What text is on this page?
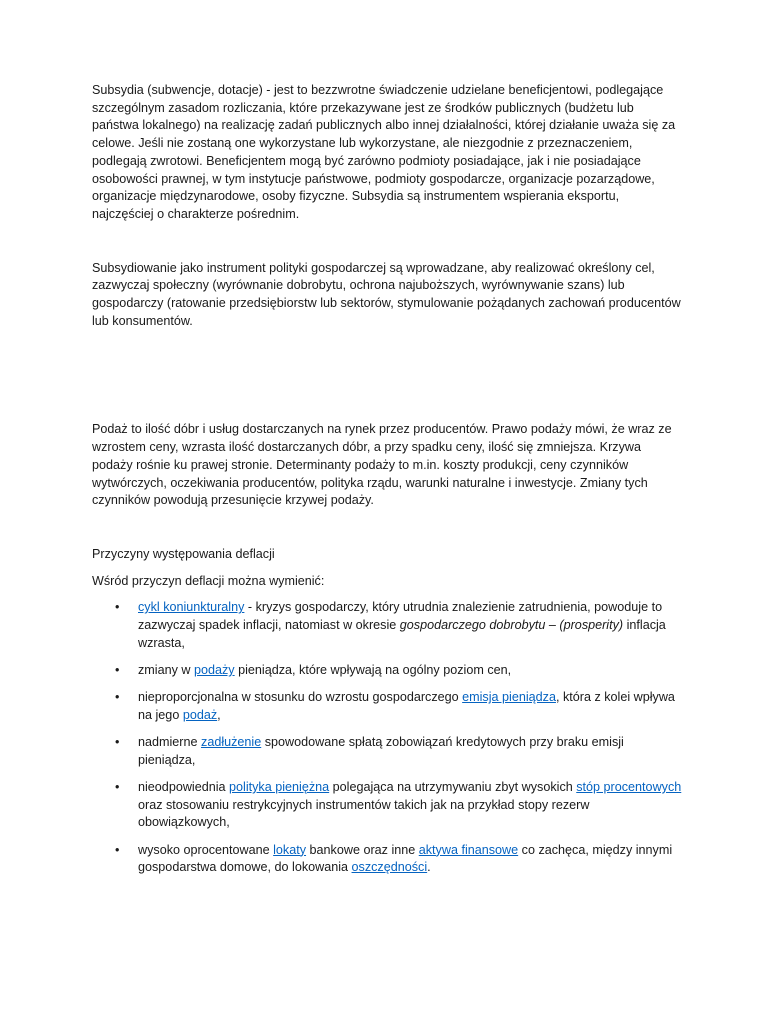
Subsydia (subwencje, dotacje) - jest to bezzwrotne świadczenie udzielane beneficjentowi, podlegające szczególnym zasadom rozliczania, które przekazywane jest ze środków publicznych (budżetu lub państwa lokalnego) na realizację zadań publicznych albo innej działalności, której działanie uważa się za celowe. Jeśli nie zostaną one wykorzystane lub wykorzystane, ale niezgodnie z przeznaczeniem, podlegają zwrotowi. Beneficjentem mogą być zarówno podmioty posiadające, jak i nie posiadające osobowości prawnej, w tym instytucje państwowe, podmioty gospodarcze, organizacje pozarządowe, organizacje międzynarodowe, osoby fizyczne. Subsydia są instrumentem wspierania eksportu, najczęściej o charakterze pośrednim.

Subsydiowanie jako instrument polityki gospodarczej są wprowadzane, aby realizować określony cel, zazwyczaj społeczny (wyrównanie dobrobytu, ochrona najuboższych, wyrównywanie szans) lub gospodarczy (ratowanie przedsiębiorstw lub sektorów, stymulowanie pożądanych zachowań producentów lub konsumentów.

Podaż to ilość dóbr i usług dostarczanych na rynek przez producentów. Prawo podaży mówi, że wraz ze wzrostem ceny, wzrasta ilość dostarczanych dóbr, a przy spadku ceny, ilość się zmniejsza. Krzywa podaży rośnie ku prawej stronie. Determinanty podaży to m.in. koszty produkcji, ceny czynników wytwórczych, oczekiwania producentów, polityka rządu, warunki naturalne i inwestycje. Zmiany tych czynników powodują przesunięcie krzywej podaży.

Przyczyny występowania deflacji

Wśród przyczyn deflacji można wymienić:

• cykl koniunkturalny - kryzys gospodarczy, który utrudnia znalezienie zatrudnienia, powoduje to zazwyczaj spadek inflacji, natomiast w okresie gospodarczego dobrobytu – (prosperity) inflacja wzrasta,
• zmiany w podaży pieniądza, które wpływają na ogólny poziom cen,
• nieproporcjonalna w stosunku do wzrostu gospodarczego emisja pieniądza, która z kolei wpływa na jego podaż,
• nadmierne zadłużenie spowodowane spłatą zobowiązań kredytowych przy braku emisji pieniądza,
• nieodpowiednia polityka pieniężna polegająca na utrzymywaniu zbyt wysokich stóp procentowych oraz stosowaniu restrykcyjnych instrumentów takich jak na przykład stopy rezerw obowiązkowych,
• wysoko oprocentowane lokaty bankowe oraz inne aktywa finansowe co zachęca, między innymi gospodarstwa domowe, do lokowania oszczędności.
